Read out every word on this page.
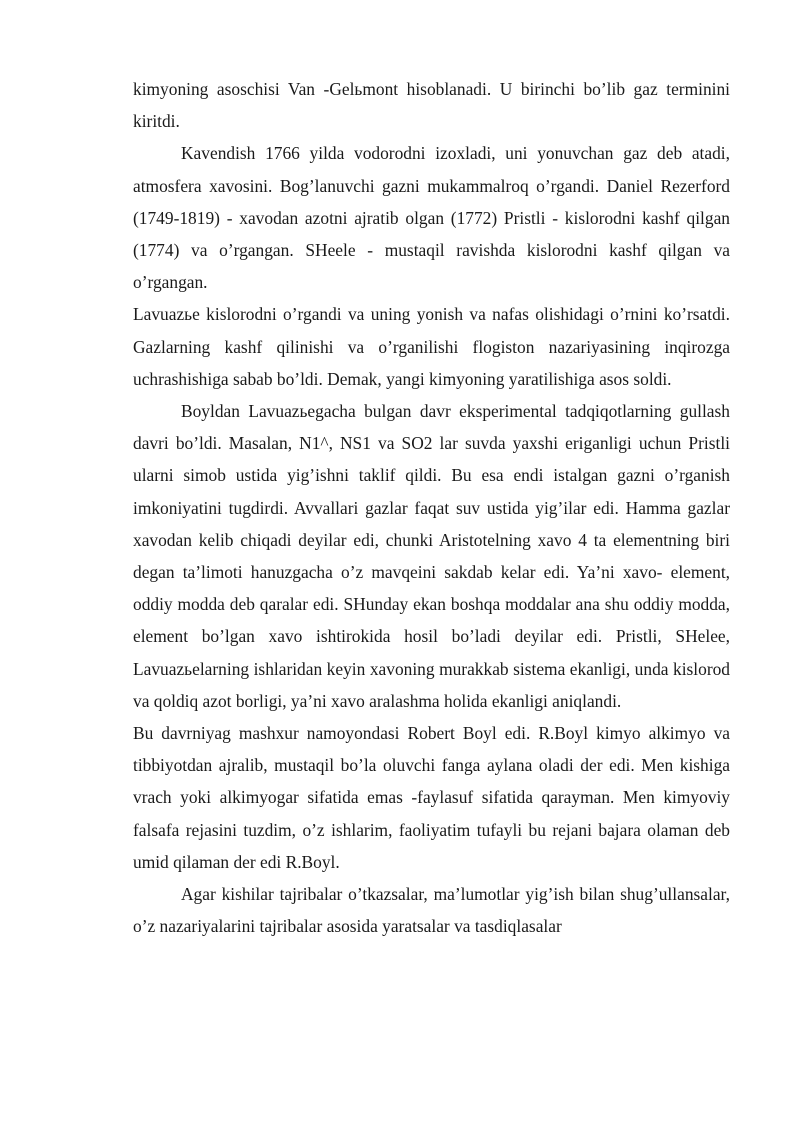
kimyoning asoschisi Van -Gelьmont hisoblanadi. U birinchi bo’lib gaz terminini kiritdi.

Kavendish 1766 yilda vodorodni izoxladi, uni yonuvchan gaz deb atadi, atmosfera xavosini. Bog’lanuvchi gazni mukammalroq o’rgandi. Daniel Rezerford (1749-1819) - xavodan azotni ajratib olgan (1772) Pristli - kislorodni kashf qilgan (1774) va o’rgangan. SHeele - mustaqil ravishda kislorodni kashf qilgan va o’rgangan.

Lavuazьe kislorodni o’rgandi va uning yonish va nafas olishidagi o’rnini ko’rsatdi. Gazlarning kashf qilinishi va o’rganilishi flogiston nazariyasining inqirozga uchrashishiga sabab bo’ldi. Demak, yangi kimyoning yaratilishiga asos soldi.

Boyldan Lavuazьegacha bulgan davr eksperimental tadqiqotlarning gullash davri bo’ldi. Masalan, N1^, NS1 va SO2 lar suvda yaxshi eriganligi uchun Pristli ularni simob ustida yig’ishni taklif qildi. Bu esa endi istalgan gazni o’rganish imkoniyatini tugdirdi. Avvallari gazlar faqat suv ustida yig’ilar edi. Hamma gazlar xavodan kelib chiqadi deyilar edi, chunki Aristotelning xavo 4 ta elementning biri degan ta’limoti hanuzgacha o’z mavqeini sakdab kelar edi. Ya’ni xavo- element, oddiy modda deb qaralar edi. SHunday ekan boshqa moddalar ana shu oddiy modda, element bo’lgan xavo ishtirokida hosil bo’ladi deyilar edi. Pristli, SHelee, Lavuazьelarning ishlaridan keyin xavoning murakkab sistema ekanligi, unda kislorod va qoldiq azot borligi, ya’ni xavo aralashma holida ekanligi aniqlandi.

Bu davrniyag mashxur namoyondasi Robert Boyl edi. R.Boyl kimyo alkimyo va tibbiyotdan ajralib, mustaqil bo’la oluvchi fanga aylana oladi der edi. Men kishiga vrach yoki alkimyogar sifatida emas -faylasuf sifatida qarayman. Men kimyoviy falsafa rejasini tuzdim, o’z ishlarim, faoliyatim tufayli bu rejani bajara olaman deb umid qilaman der edi R.Boyl.

Agar kishilar tajribalar o’tkazsalar, ma’lumotlar yig’ish bilan shug’ullansalar, o’z nazariyalarini tajribalar asosida yaratsalar va tasdiqlasalar
